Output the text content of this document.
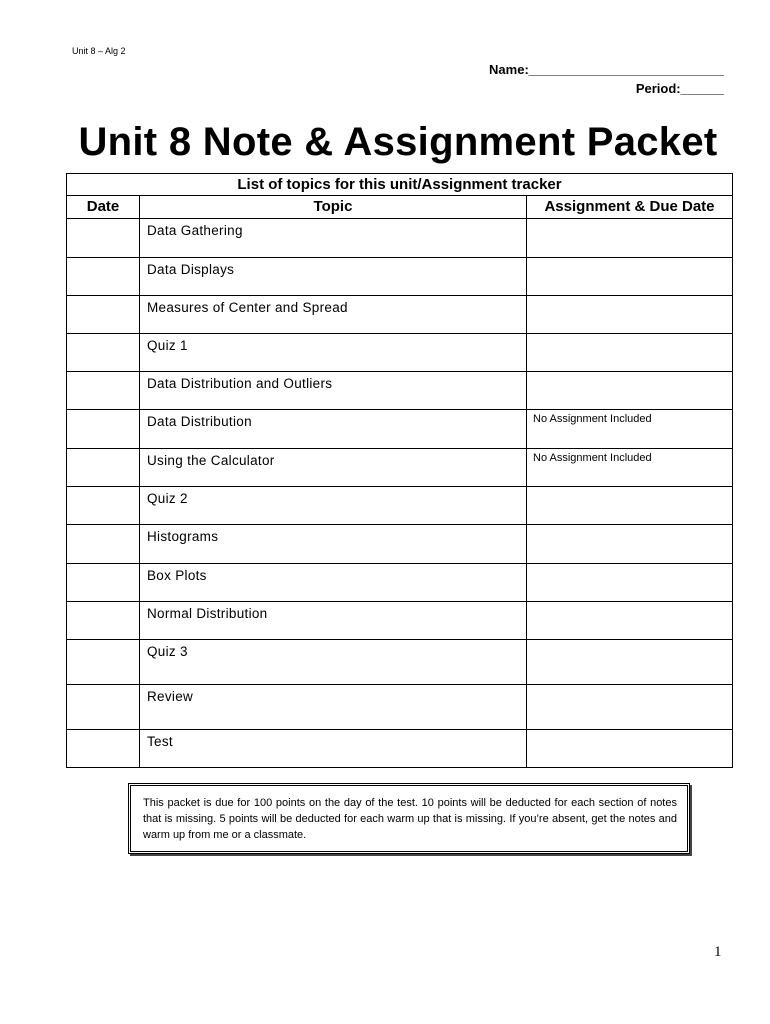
Unit 8 – Alg 2
Name:___________________________
Period:______
Unit 8 Note & Assignment Packet
List of topics for this unit/Assignment tracker		
Date	Topic	Assignment & Due Date
	Data Gathering	
	Data Displays	
	Measures of Center and Spread	
	Quiz 1	
	Data Distribution and Outliers	
	Data Distribution	No Assignment Included
	Using the Calculator	No Assignment Included
	Quiz 2	
	Histograms	
	Box Plots	
	Normal Distribution	
	Quiz 3	
	Review	
	Test	
This packet is due for 100 points on the day of the test. 10 points will be deducted for each section of notes that is missing. 5 points will be deducted for each warm up that is missing. If you’re absent, get the notes and warm up from me or a classmate.
1
